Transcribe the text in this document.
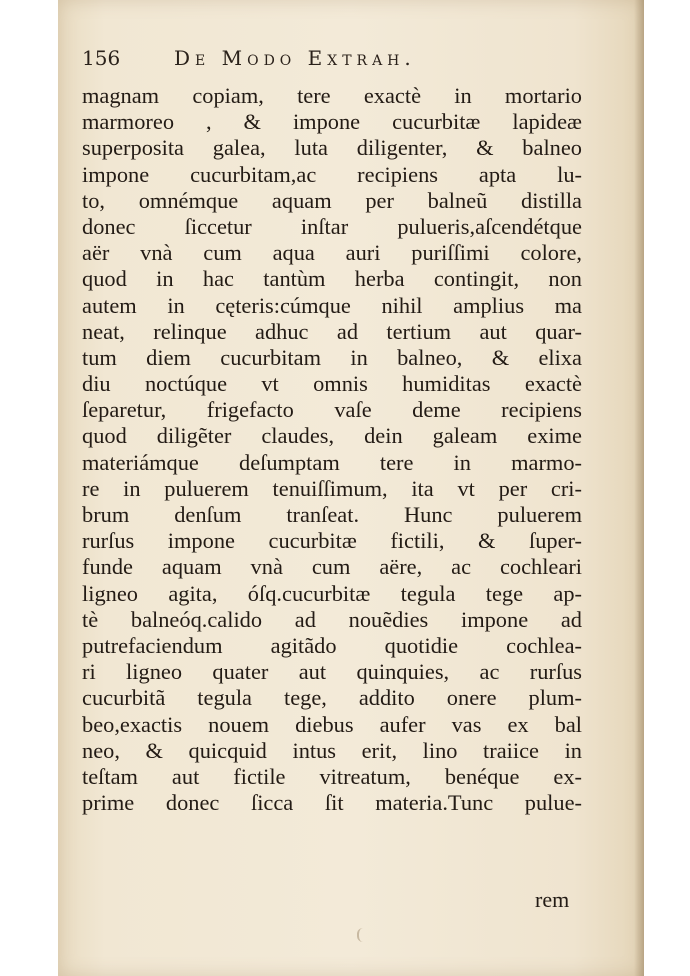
156	De Modo Extrah.
magnam copiam, tere exactè in mortario
marmoreo , & impone cucurbitæ lapideæ
superposita galea, luta diligenter, & balneo
impone cucurbitam,ac recipiens apta lu-
to, omnémque aquam per balneũ distilla
donec ſiccetur inſtar pulueris,aſcendétque
aër vnà cum aqua auri puriſſimi colore,
quod in hac tantùm herba contingit, non
autem in cęteris:cúmque nihil amplius ma
neat, relinque adhuc ad tertium aut quar-
tum diem cucurbitam in balneo, & elixa
diu noctúque vt omnis humiditas exactè
ſeparetur, frigefacto vaſe deme recipiens
quod diligẽter claudes, dein galeam exime
materiámque deſumptam tere in marmo-
re in puluerem tenuiſſimum, ita vt per cri-
brum denſum tranſeat. Hunc puluerem
rurſus impone cucurbitæ fictili, & ſuper-
funde aquam vnà cum aëre, ac cochleari
ligneo agita, óſq.cucurbitæ tegula tege ap-
tè balneóq.calido ad nouẽdies impone ad
putrefaciendum agitãdo quotidie cochlea-
ri ligneo quater aut quinquies, ac rurſus
cucurbitã tegula tege, addito onere plum-
beo,exactis nouem diebus aufer vas ex bal
neo, & quicquid intus erit, lino traiice in
teſtam aut fictile vitreatum, benéque ex-
prime donec ſicca ſit materia.Tunc pulue-
rem
